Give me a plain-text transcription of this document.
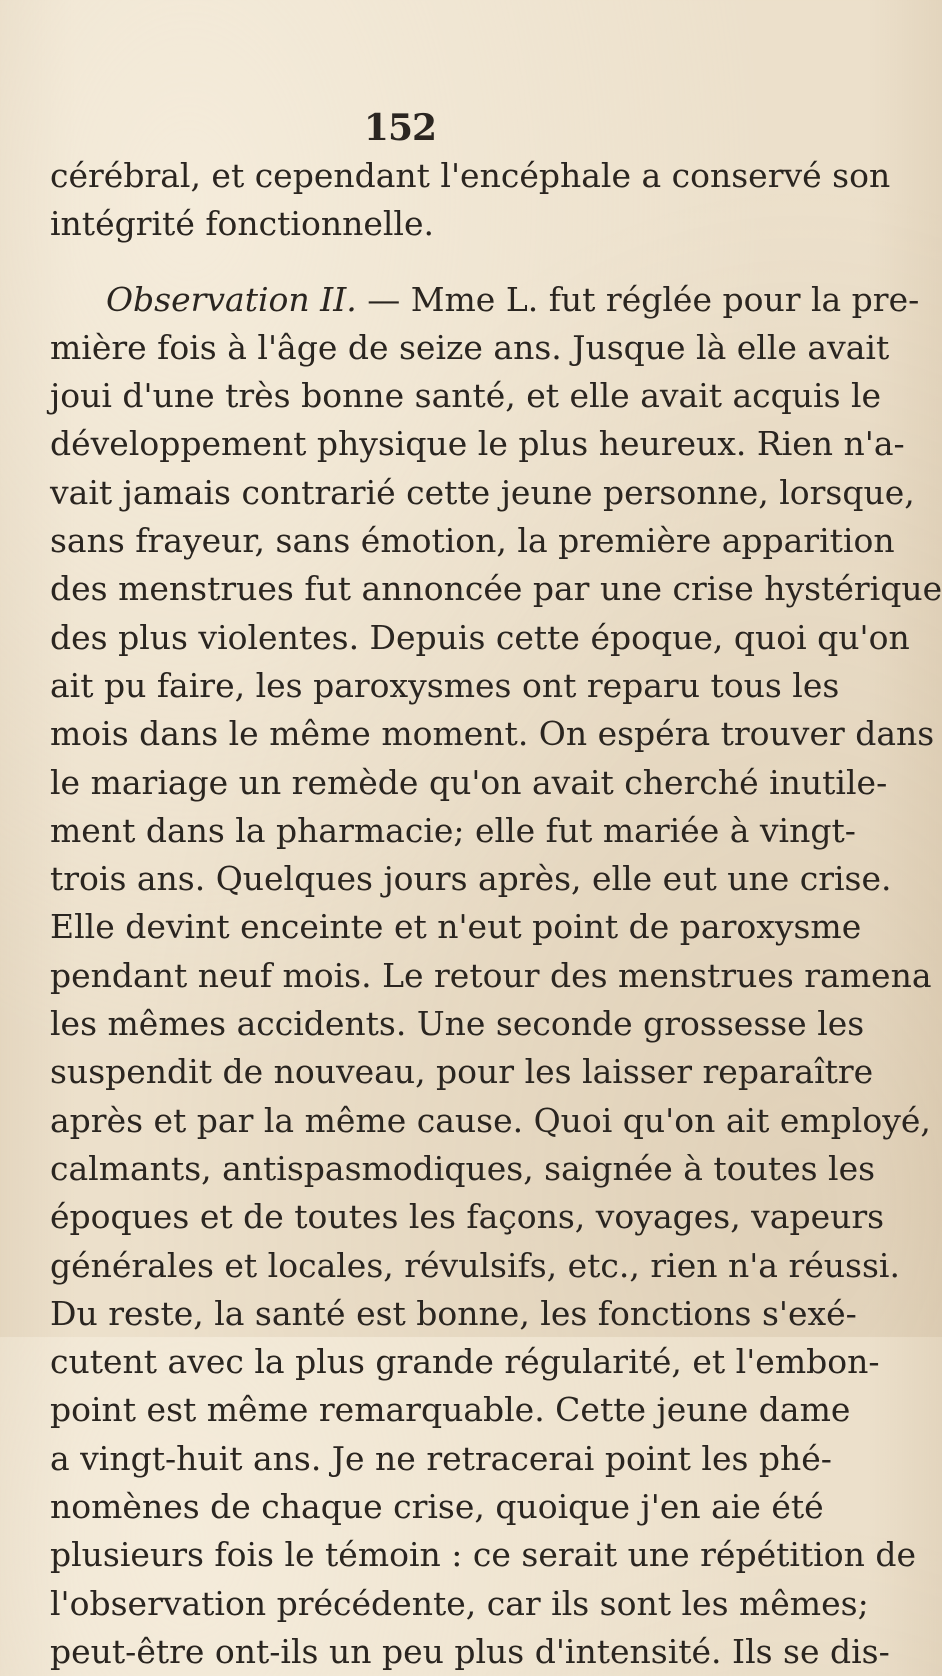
152
cérébral, et cependant l'encéphale a conservé son
intégrité fonctionnelle.
Observation II. — Mme L. fut réglée pour la pre-
mière fois à l'âge de seize ans. Jusque là elle avait
joui d'une très bonne santé, et elle avait acquis le
développement physique le plus heureux. Rien n'a-
vait jamais contrarié cette jeune personne, lorsque,
sans frayeur, sans émotion, la première apparition
des menstrues fut annoncée par une crise hystérique
des plus violentes. Depuis cette époque, quoi qu'on
ait pu faire, les paroxysmes ont reparu tous les
mois dans le même moment. On espéra trouver dans
le mariage un remède qu'on avait cherché inutile-
ment dans la pharmacie; elle fut mariée à vingt-
trois ans. Quelques jours après, elle eut une crise.
Elle devint enceinte et n'eut point de paroxysme
pendant neuf mois. Le retour des menstrues ramena
les mêmes accidents. Une seconde grossesse les
suspendit de nouveau, pour les laisser reparaître
après et par la même cause. Quoi qu'on ait employé,
calmants, antispasmodiques, saignée à toutes les
époques et de toutes les façons, voyages, vapeurs
générales et locales, révulsifs, etc., rien n'a réussi.
Du reste, la santé est bonne, les fonctions s'exé-
cutent avec la plus grande régularité, et l'embon-
point est même remarquable. Cette jeune dame
a vingt-huit ans. Je ne retracerai point les phé-
nomènes de chaque crise, quoique j'en aie été
plusieurs fois le témoin : ce serait une répétition de
l'observation précédente, car ils sont les mêmes;
peut-être ont-ils un peu plus d'intensité. Ils se dis-
